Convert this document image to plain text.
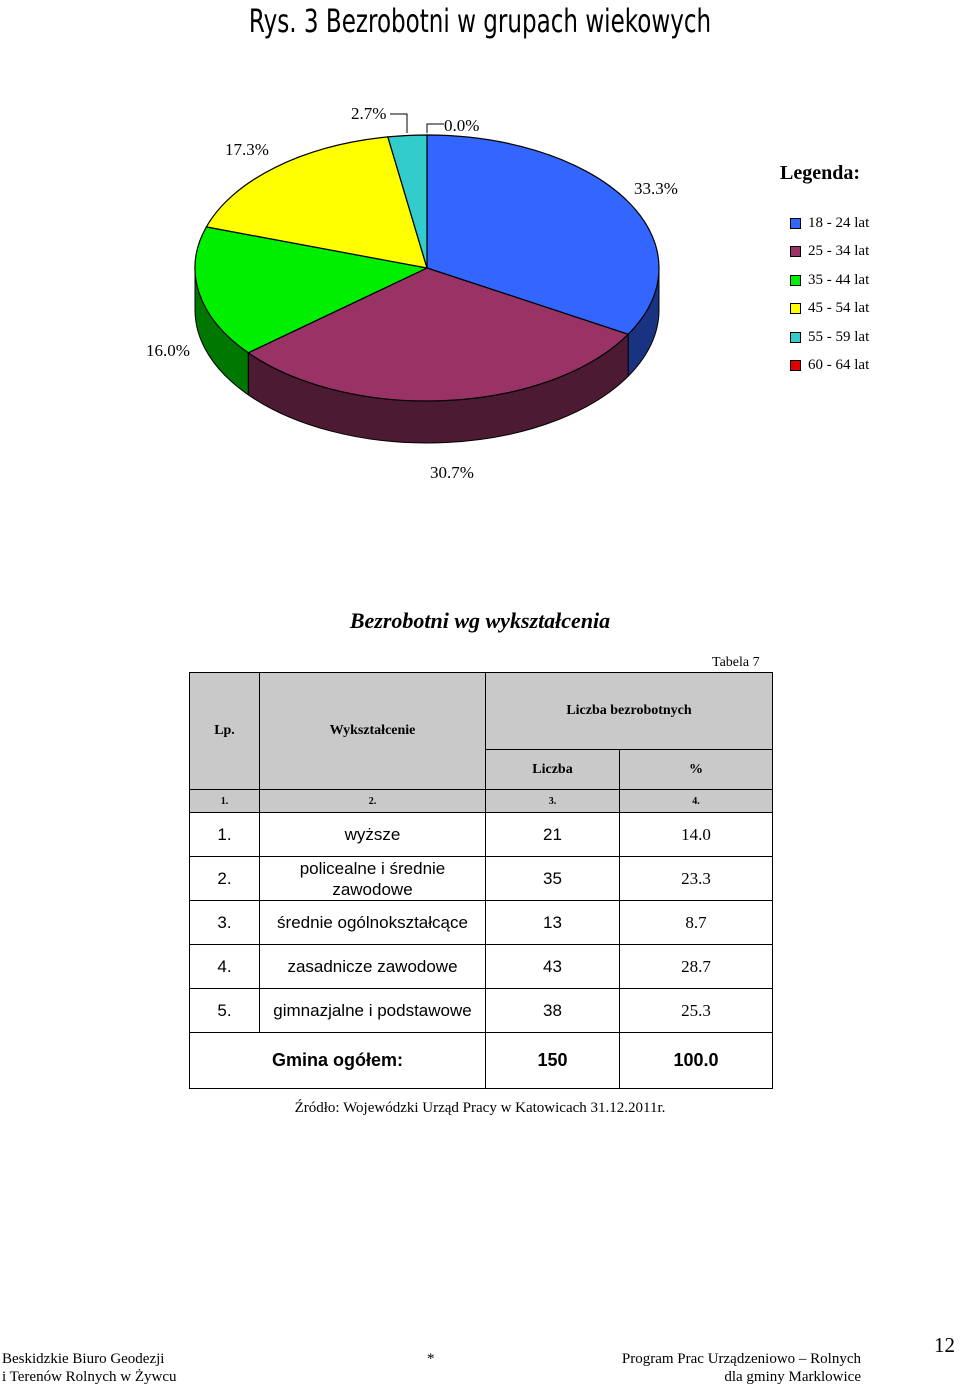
Rys. 3 Bezrobotni w grupach wiekowych
33.3%
30.7%
16.0%
17.3%
2.7%
0.0%
Legenda:
18 - 24 lat
25 - 34 lat
35 - 44 lat
45 - 54 lat
55 - 59 lat
60 - 64 lat
Bezrobotni wg wykształcenia
Tabela 7
Lp.	Wykształcenie	Liczba bezrobotnych	
		Liczba	%
1.	2.	3.	4.
1.	wyższe	21	14.0
2.	policealne i średnie zawodowe	35	23.3
3.	średnie ogólnokształcące	13	8.7
4.	zasadnicze zawodowe	43	28.7
5.	gimnazjalne i podstawowe	38	25.3
Gmina ogółem:		150	100.0
Źródło: Wojewódzki Urząd Pracy w Katowicach 31.12.2011r.
Beskidzkie Biuro Geodezji
i Terenów Rolnych w Żywcu
*	Program Prac Urządzeniowo – Rolnych
dla gminy Marklowice
12
